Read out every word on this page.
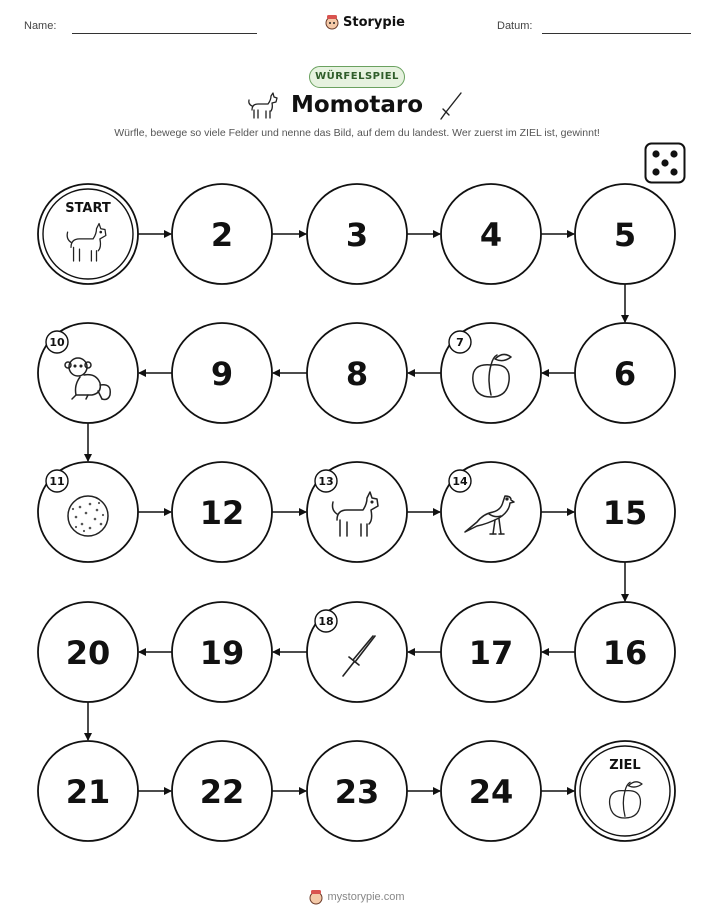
Name:	Storypie	Datum:
WÜRFELSPIEL
Momotaro
Würfle, bewege so viele Felder und nenne das Bild, auf dem du landest. Wer zuerst im ZIEL ist, gewinnt!
START
2	3	4	5
6
7
8
9
10
11
12
13	14
15
16
17
18
19
20
21	22	23	24
ZIEL
mystorypie.com
